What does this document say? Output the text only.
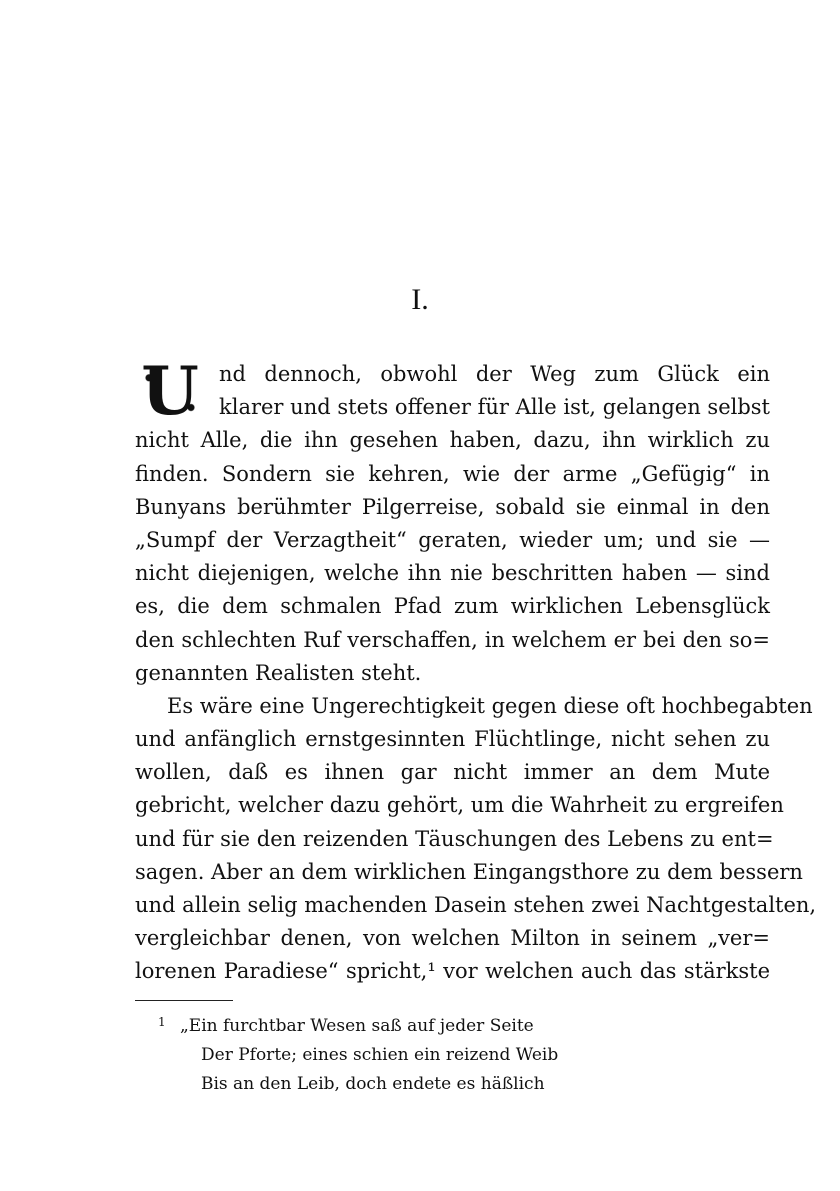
I.
U nd dennoch, obwohl der Weg zum Glück ein
klarer und stets offener für Alle ist, gelangen selbst
nicht Alle, die ihn gesehen haben, dazu, ihn wirklich zu
finden. Sondern sie kehren, wie der arme „Gefügig“ in
Bunyans berühmter Pilgerreise, sobald sie einmal in den
„Sumpf der Verzagtheit“ geraten, wieder um; und sie —
nicht diejenigen, welche ihn nie beschritten haben — sind
es, die dem schmalen Pfad zum wirklichen Lebensglück
den schlechten Ruf verschaffen, in welchem er bei den so=
genannten Realisten steht.
Es wäre eine Ungerechtigkeit gegen diese oft hochbegabten
und anfänglich ernstgesinnten Flüchtlinge, nicht sehen zu
wollen, daß es ihnen gar nicht immer an dem Mute
gebricht, welcher dazu gehört, um die Wahrheit zu ergreifen
und für sie den reizenden Täuschungen des Lebens zu ent=
sagen. Aber an dem wirklichen Eingangsthore zu dem bessern
und allein selig machenden Dasein stehen zwei Nachtgestalten,
vergleichbar denen, von welchen Milton in seinem „ver=
lorenen Paradiese“ spricht,¹ vor welchen auch das stärkste
1 „Ein furchtbar Wesen saß auf jeder Seite
Der Pforte; eines schien ein reizend Weib
Bis an den Leib, doch endete es häßlich
